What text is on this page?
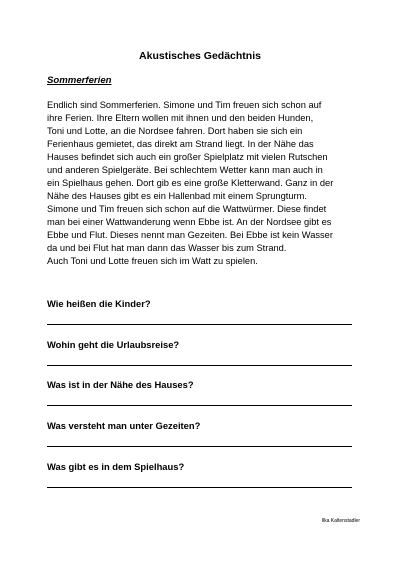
Akustisches Gedächtnis
Sommerferien
Endlich sind Sommerferien. Simone und Tim freuen sich schon auf
ihre Ferien. Ihre Eltern wollen mit ihnen und den beiden Hunden,
Toni und Lotte, an die Nordsee fahren. Dort haben sie sich ein
Ferienhaus gemietet, das direkt am Strand liegt. In der Nähe das
Hauses befindet sich auch ein großer Spielplatz mit vielen Rutschen
und anderen Spielgeräte. Bei schlechtem Wetter kann man auch in
ein Spielhaus gehen. Dort gib es eine große Kletterwand. Ganz in der
Nähe des Hauses gibt es ein Hallenbad mit einem Sprungturm.
Simone und Tim freuen sich schon auf die Wattwürmer. Diese findet
man bei einer Wattwanderung wenn Ebbe ist. An der Nordsee gibt es
Ebbe und Flut. Dieses nennt man Gezeiten. Bei Ebbe ist kein Wasser
da und bei Flut hat man dann das Wasser bis zum Strand.
Auch Toni und Lotte freuen sich im Watt zu spielen.
Wie heißen die Kinder?
Wohin geht die Urlaubsreise?
Was ist in der Nähe des Hauses?
Was versteht man unter Gezeiten?
Was gibt es in dem Spielhaus?
Ilka Kaltenstadler
